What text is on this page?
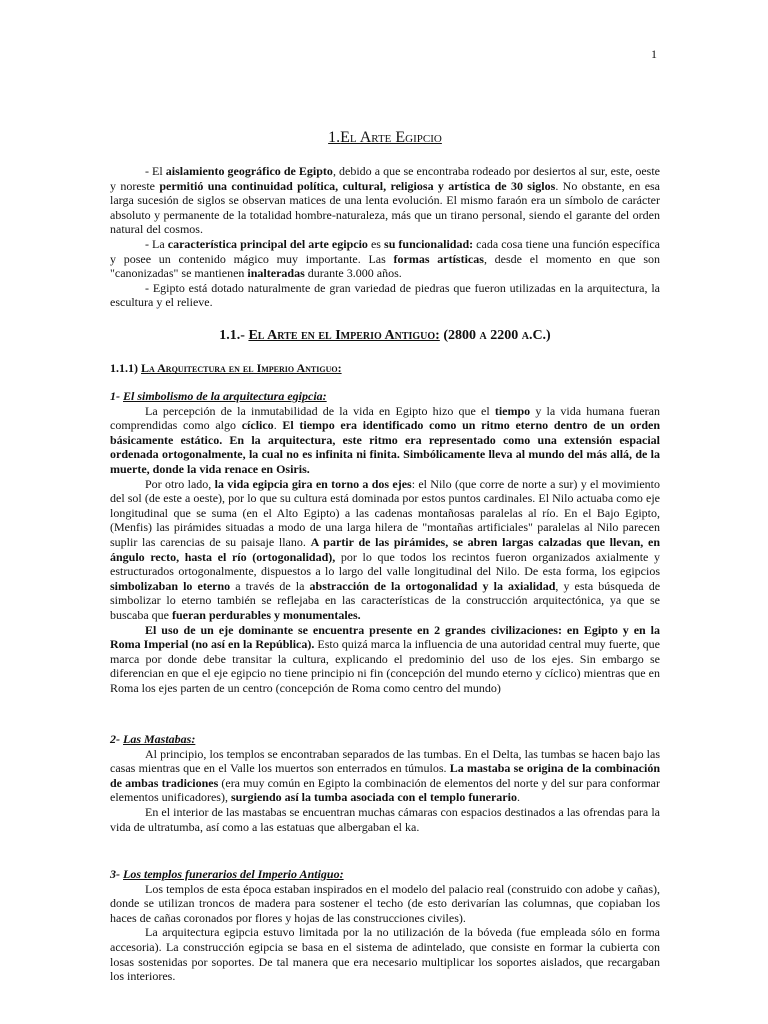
1
1.El Arte Egipcio

- El aislamiento geográfico de Egipto, debido a que se encontraba rodeado por desiertos al sur, este, oeste y noreste permitió una continuidad política, cultural, religiosa y artística de 30 siglos. No obstante, en esa larga sucesión de siglos se observan matices de una lenta evolución. El mismo faraón era un símbolo de carácter absoluto y permanente de la totalidad hombre-naturaleza, más que un tirano personal, siendo el garante del orden natural del cosmos.

- La característica principal del arte egipcio es su funcionalidad: cada cosa tiene una función específica y posee un contenido mágico muy importante. Las formas artísticas, desde el momento en que son "canonizadas" se mantienen inalteradas durante 3.000 años.

- Egipto está dotado naturalmente de gran variedad de piedras que fueron utilizadas en la arquitectura, la escultura y el relieve.

1.1.- El Arte en el Imperio Antiguo: (2800 a 2200 a.C.)
1.1.1) La Arquitectura en el Imperio Antiguo:
1- El simbolismo de la arquitectura egipcia:

La percepción de la inmutabilidad de la vida en Egipto hizo que el tiempo y la vida humana fueran comprendidas como algo cíclico. El tiempo era identificado como un ritmo eterno dentro de un orden básicamente estático. En la arquitectura, este ritmo era representado como una extensión espacial ordenada ortogonalmente, la cual no es infinita ni finita. Simbólicamente lleva al mundo del más allá, de la muerte, donde la vida renace en Osiris.

Por otro lado, la vida egipcia gira en torno a dos ejes: el Nilo (que corre de norte a sur) y el movimiento del sol (de este a oeste), por lo que su cultura está dominada por estos puntos cardinales. El Nilo actuaba como eje longitudinal que se suma (en el Alto Egipto) a las cadenas montañosas paralelas al río. En el Bajo Egipto, (Menfis) las pirámides situadas a modo de una larga hilera de "montañas artificiales" paralelas al Nilo parecen suplir las carencias de su paisaje llano. A partir de las pirámides, se abren largas calzadas que llevan, en ángulo recto, hasta el río (ortogonalidad), por lo que todos los recintos fueron organizados axialmente y estructurados ortogonalmente, dispuestos a lo largo del valle longitudinal del Nilo. De esta forma, los egipcios simbolizaban lo eterno a través de la abstracción de la ortogonalidad y la axialidad, y esta búsqueda de simbolizar lo eterno también se reflejaba en las características de la construcción arquitectónica, ya que se buscaba que fueran perdurables y monumentales.

El uso de un eje dominante se encuentra presente en 2 grandes civilizaciones: en Egipto y en la Roma Imperial (no así en la República). Esto quizá marca la influencia de una autoridad central muy fuerte, que marca por donde debe transitar la cultura, explicando el predominio del uso de los ejes. Sin embargo se diferencian en que el eje egipcio no tiene principio ni fin (concepción del mundo eterno y cíclico) mientras que en Roma los ejes parten de un centro (concepción de Roma como centro del mundo)

2- Las Mastabas:

Al principio, los templos se encontraban separados de las tumbas. En el Delta, las tumbas se hacen bajo las casas mientras que en el Valle los muertos son enterrados en túmulos. La mastaba se origina de la combinación de ambas tradiciones (era muy común en Egipto la combinación de elementos del norte y del sur para conformar elementos unificadores), surgiendo así la tumba asociada con el templo funerario.

En el interior de las mastabas se encuentran muchas cámaras con espacios destinados a las ofrendas para la vida de ultratumba, así como a las estatuas que albergaban el ka.

3- Los templos funerarios del Imperio Antiguo:

Los templos de esta época estaban inspirados en el modelo del palacio real (construido con adobe y cañas), donde se utilizan troncos de madera para sostener el techo (de esto derivarían las columnas, que copiaban los haces de cañas coronados por flores y hojas de las construcciones civiles).

La arquitectura egipcia estuvo limitada por la no utilización de la bóveda (fue empleada sólo en forma accesoria). La construcción egipcia se basa en el sistema de adintelado, que consiste en formar la cubierta con losas sostenidas por soportes. De tal manera que era necesario multiplicar los soportes aislados, que recargaban los interiores.
